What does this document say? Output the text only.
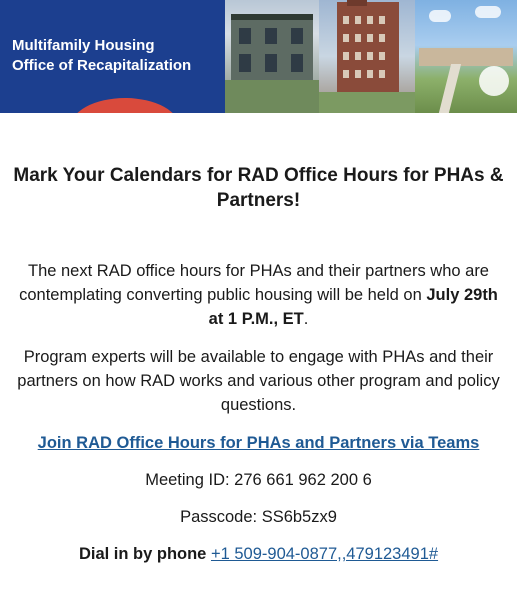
Multifamily Housing
Office of Recapitalization
Mark Your Calendars for RAD Office Hours for PHAs & Partners!

The next RAD office hours for PHAs and their partners who are contemplating converting public housing will be held on July 29th at 1 P.M., ET.

Program experts will be available to engage with PHAs and their partners on how RAD works and various other program and policy questions.

Join RAD Office Hours for PHAs and Partners via Teams
Meeting ID: 276 661 962 200 6
Passcode: SS6b5zx9
Dial in by phone +1 509-904-0877,,479123491#
